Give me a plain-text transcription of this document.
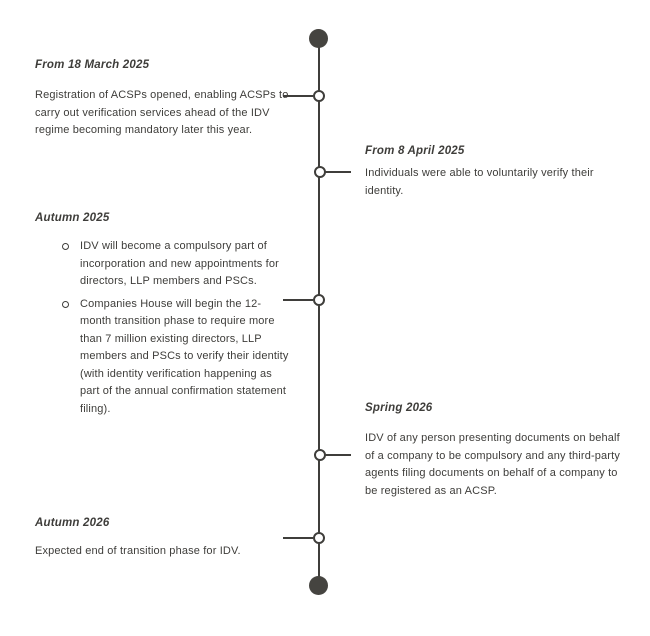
From 18 March 2025

Registration of ACSPs opened, enabling ACSPs to carry out verification services ahead of the IDV regime becoming mandatory later this year.

From 8 April 2025

Individuals were able to voluntarily verify their identity.

Autumn 2025
IDV will become a compulsory part of incorporation and new appointments for directors, LLP members and PSCs.
Companies House will begin the 12-month transition phase to require more than 7 million existing directors, LLP members and PSCs to verify their identity (with identity verification happening as part of the annual confirmation statement filing).	Spring 2026

IDV of any person presenting documents on behalf of a company to be compulsory and any third-party agents filing documents on behalf of a company to be registered as an ACSP.

Autumn 2026

Expected end of transition phase for IDV.
